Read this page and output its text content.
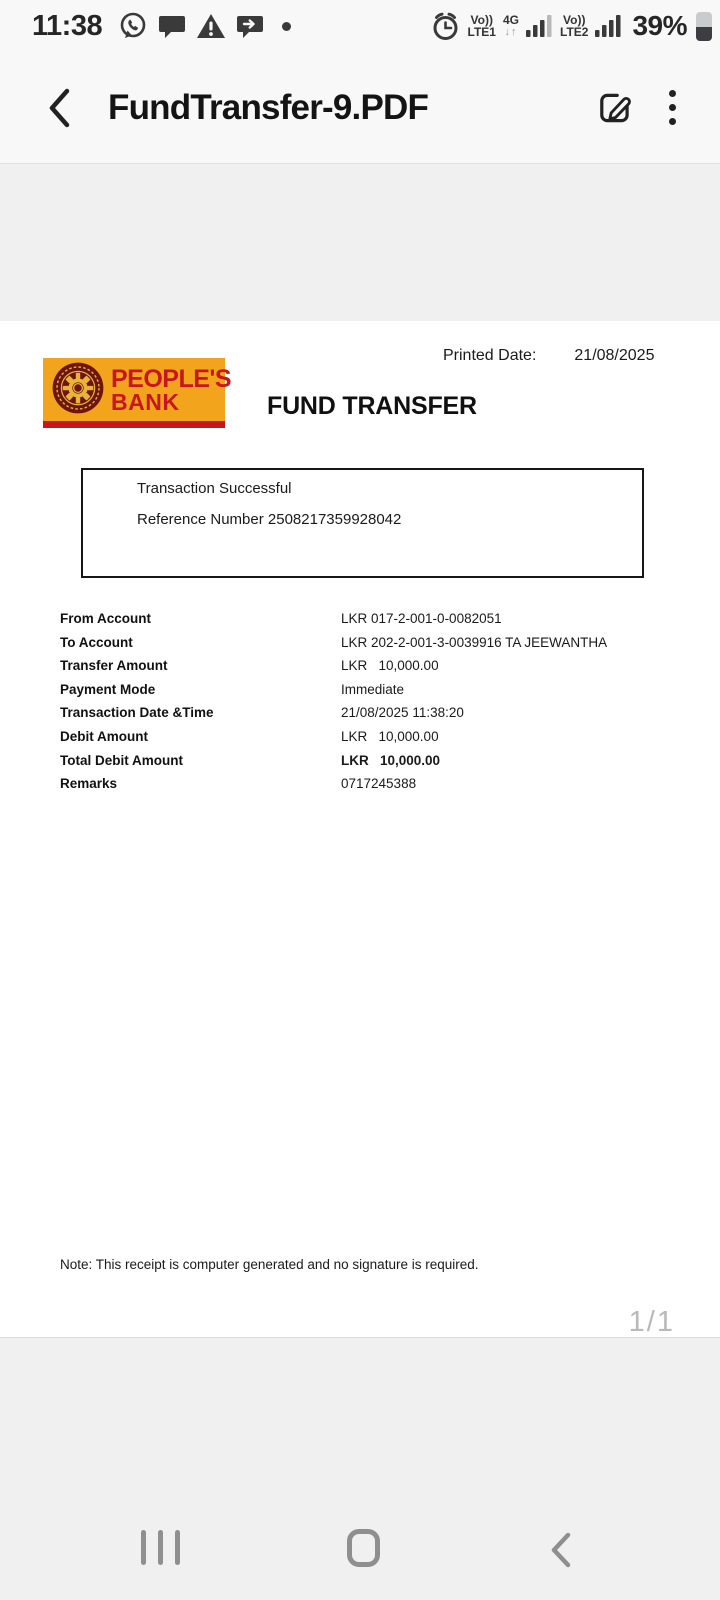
11:38	Vo))
LTE1
4G
↓↑
Vo))
LTE2 39%
FundTransfer-9.PDF
Printed Date: 21/08/2025
PEOPLE'S
BANK	FUND TRANSFER
Transaction Successful
Reference Number 2508217359928042
From Account	LKR 017-2-001-0-0082051
To Account	LKR 202-2-001-3-0039916 TA JEEWANTHA
Transfer Amount	LKR   10,000.00
Payment Mode	Immediate
Transaction Date &Time	21/08/2025 11:38:20
Debit Amount	LKR   10,000.00
Total Debit Amount	LKR   10,000.00
Remarks	0717245388
Note: This receipt is computer generated and no signature is required.
1/1
